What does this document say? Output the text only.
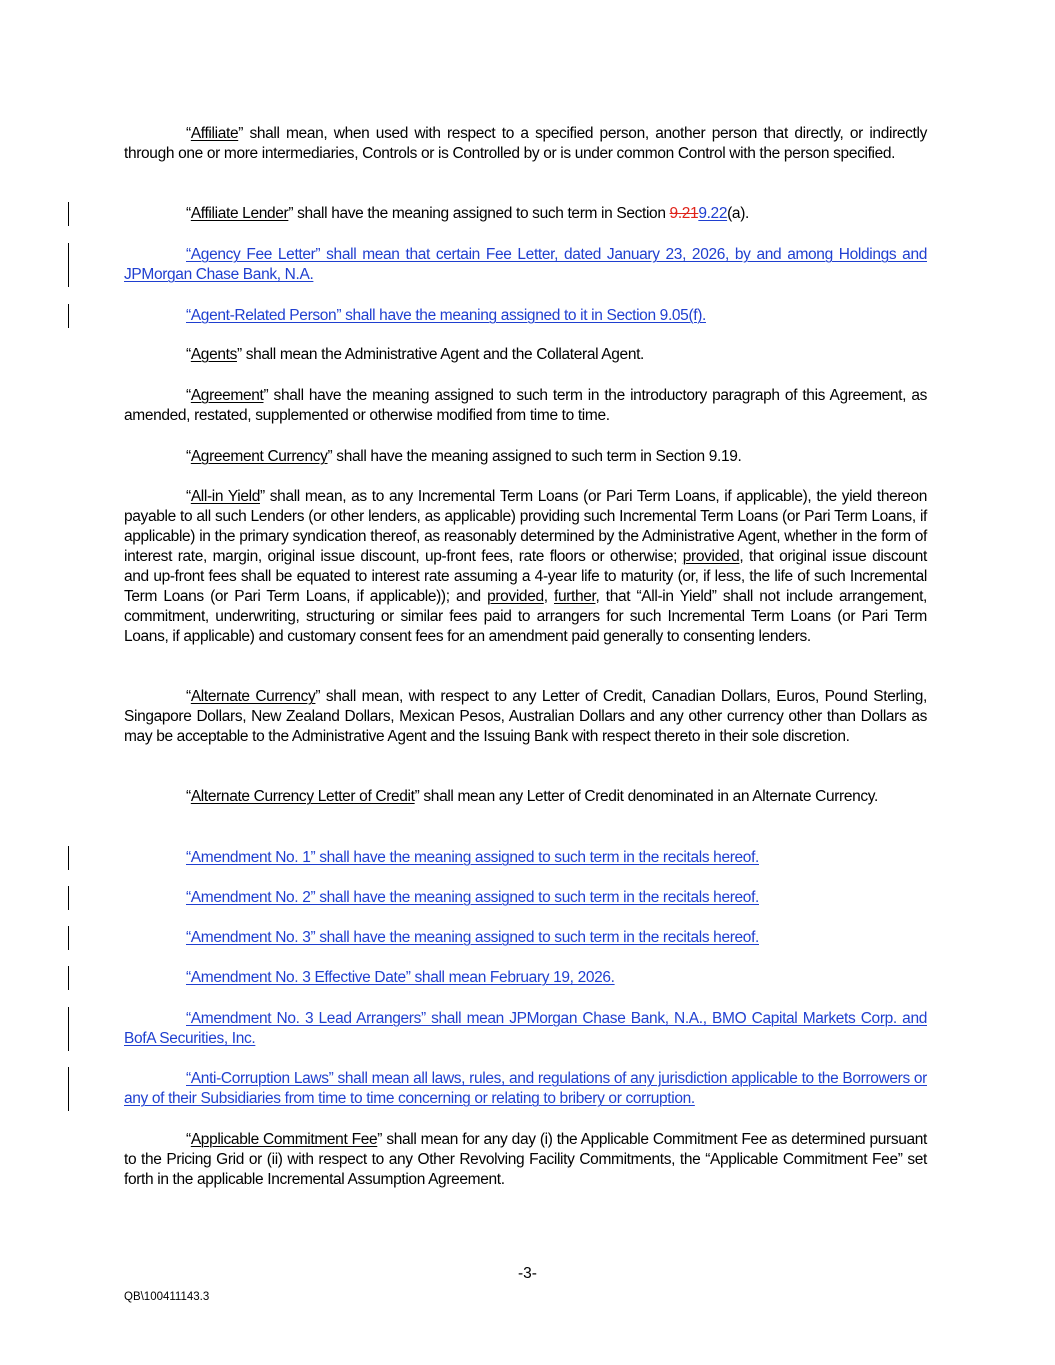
“Affiliate” shall mean, when used with respect to a specified person, another person that directly, or indirectly through one or more intermediaries, Controls or is Controlled by or is under common Control with the person specified.

“Affiliate Lender” shall have the meaning assigned to such term in Section 9.219.22(a).

“Agency Fee Letter” shall mean that certain Fee Letter, dated January 23, 2026, by and among Holdings and JPMorgan Chase Bank, N.A.

“Agent-Related Person” shall have the meaning assigned to it in Section 9.05(f).

“Agents” shall mean the Administrative Agent and the Collateral Agent.

“Agreement” shall have the meaning assigned to such term in the introductory paragraph of this Agreement, as amended, restated, supplemented or otherwise modified from time to time.

“Agreement Currency” shall have the meaning assigned to such term in Section 9.19.

“All-in Yield” shall mean, as to any Incremental Term Loans (or Pari Term Loans, if applicable), the yield thereon payable to all such Lenders (or other lenders, as applicable) providing such Incremental Term Loans (or Pari Term Loans, if applicable) in the primary syndication thereof, as reasonably determined by the Administrative Agent, whether in the form of interest rate, margin, original issue discount, up-front fees, rate floors or otherwise; provided, that original issue discount and up-front fees shall be equated to interest rate assuming a 4-year life to maturity (or, if less, the life of such Incremental Term Loans (or Pari Term Loans, if applicable)); and provided, further, that “All-in Yield” shall not include arrangement, commitment, underwriting, structuring or similar fees paid to arrangers for such Incremental Term Loans (or Pari Term Loans, if applicable) and customary consent fees for an amendment paid generally to consenting lenders.

“Alternate Currency” shall mean, with respect to any Letter of Credit, Canadian Dollars, Euros, Pound Sterling, Singapore Dollars, New Zealand Dollars, Mexican Pesos, Australian Dollars and any other currency other than Dollars as may be acceptable to the Administrative Agent and the Issuing Bank with respect thereto in their sole discretion.

“Alternate Currency Letter of Credit” shall mean any Letter of Credit denominated in an Alternate Currency.

“Amendment No. 1” shall have the meaning assigned to such term in the recitals hereof.

“Amendment No. 2” shall have the meaning assigned to such term in the recitals hereof.

“Amendment No. 3” shall have the meaning assigned to such term in the recitals hereof.

“Amendment No. 3 Effective Date” shall mean February 19, 2026.

“Amendment No. 3 Lead Arrangers” shall mean JPMorgan Chase Bank, N.A., BMO Capital Markets Corp. and BofA Securities, Inc.

“Anti-Corruption Laws” shall mean all laws, rules, and regulations of any jurisdiction applicable to the Borrowers or any of their Subsidiaries from time to time concerning or relating to bribery or corruption.

“Applicable Commitment Fee” shall mean for any day (i) the Applicable Commitment Fee as determined pursuant to the Pricing Grid or (ii) with respect to any Other Revolving Facility Commitments, the “Applicable Commitment Fee” set forth in the applicable Incremental Assumption Agreement.

-3-
QB\100411143.3
